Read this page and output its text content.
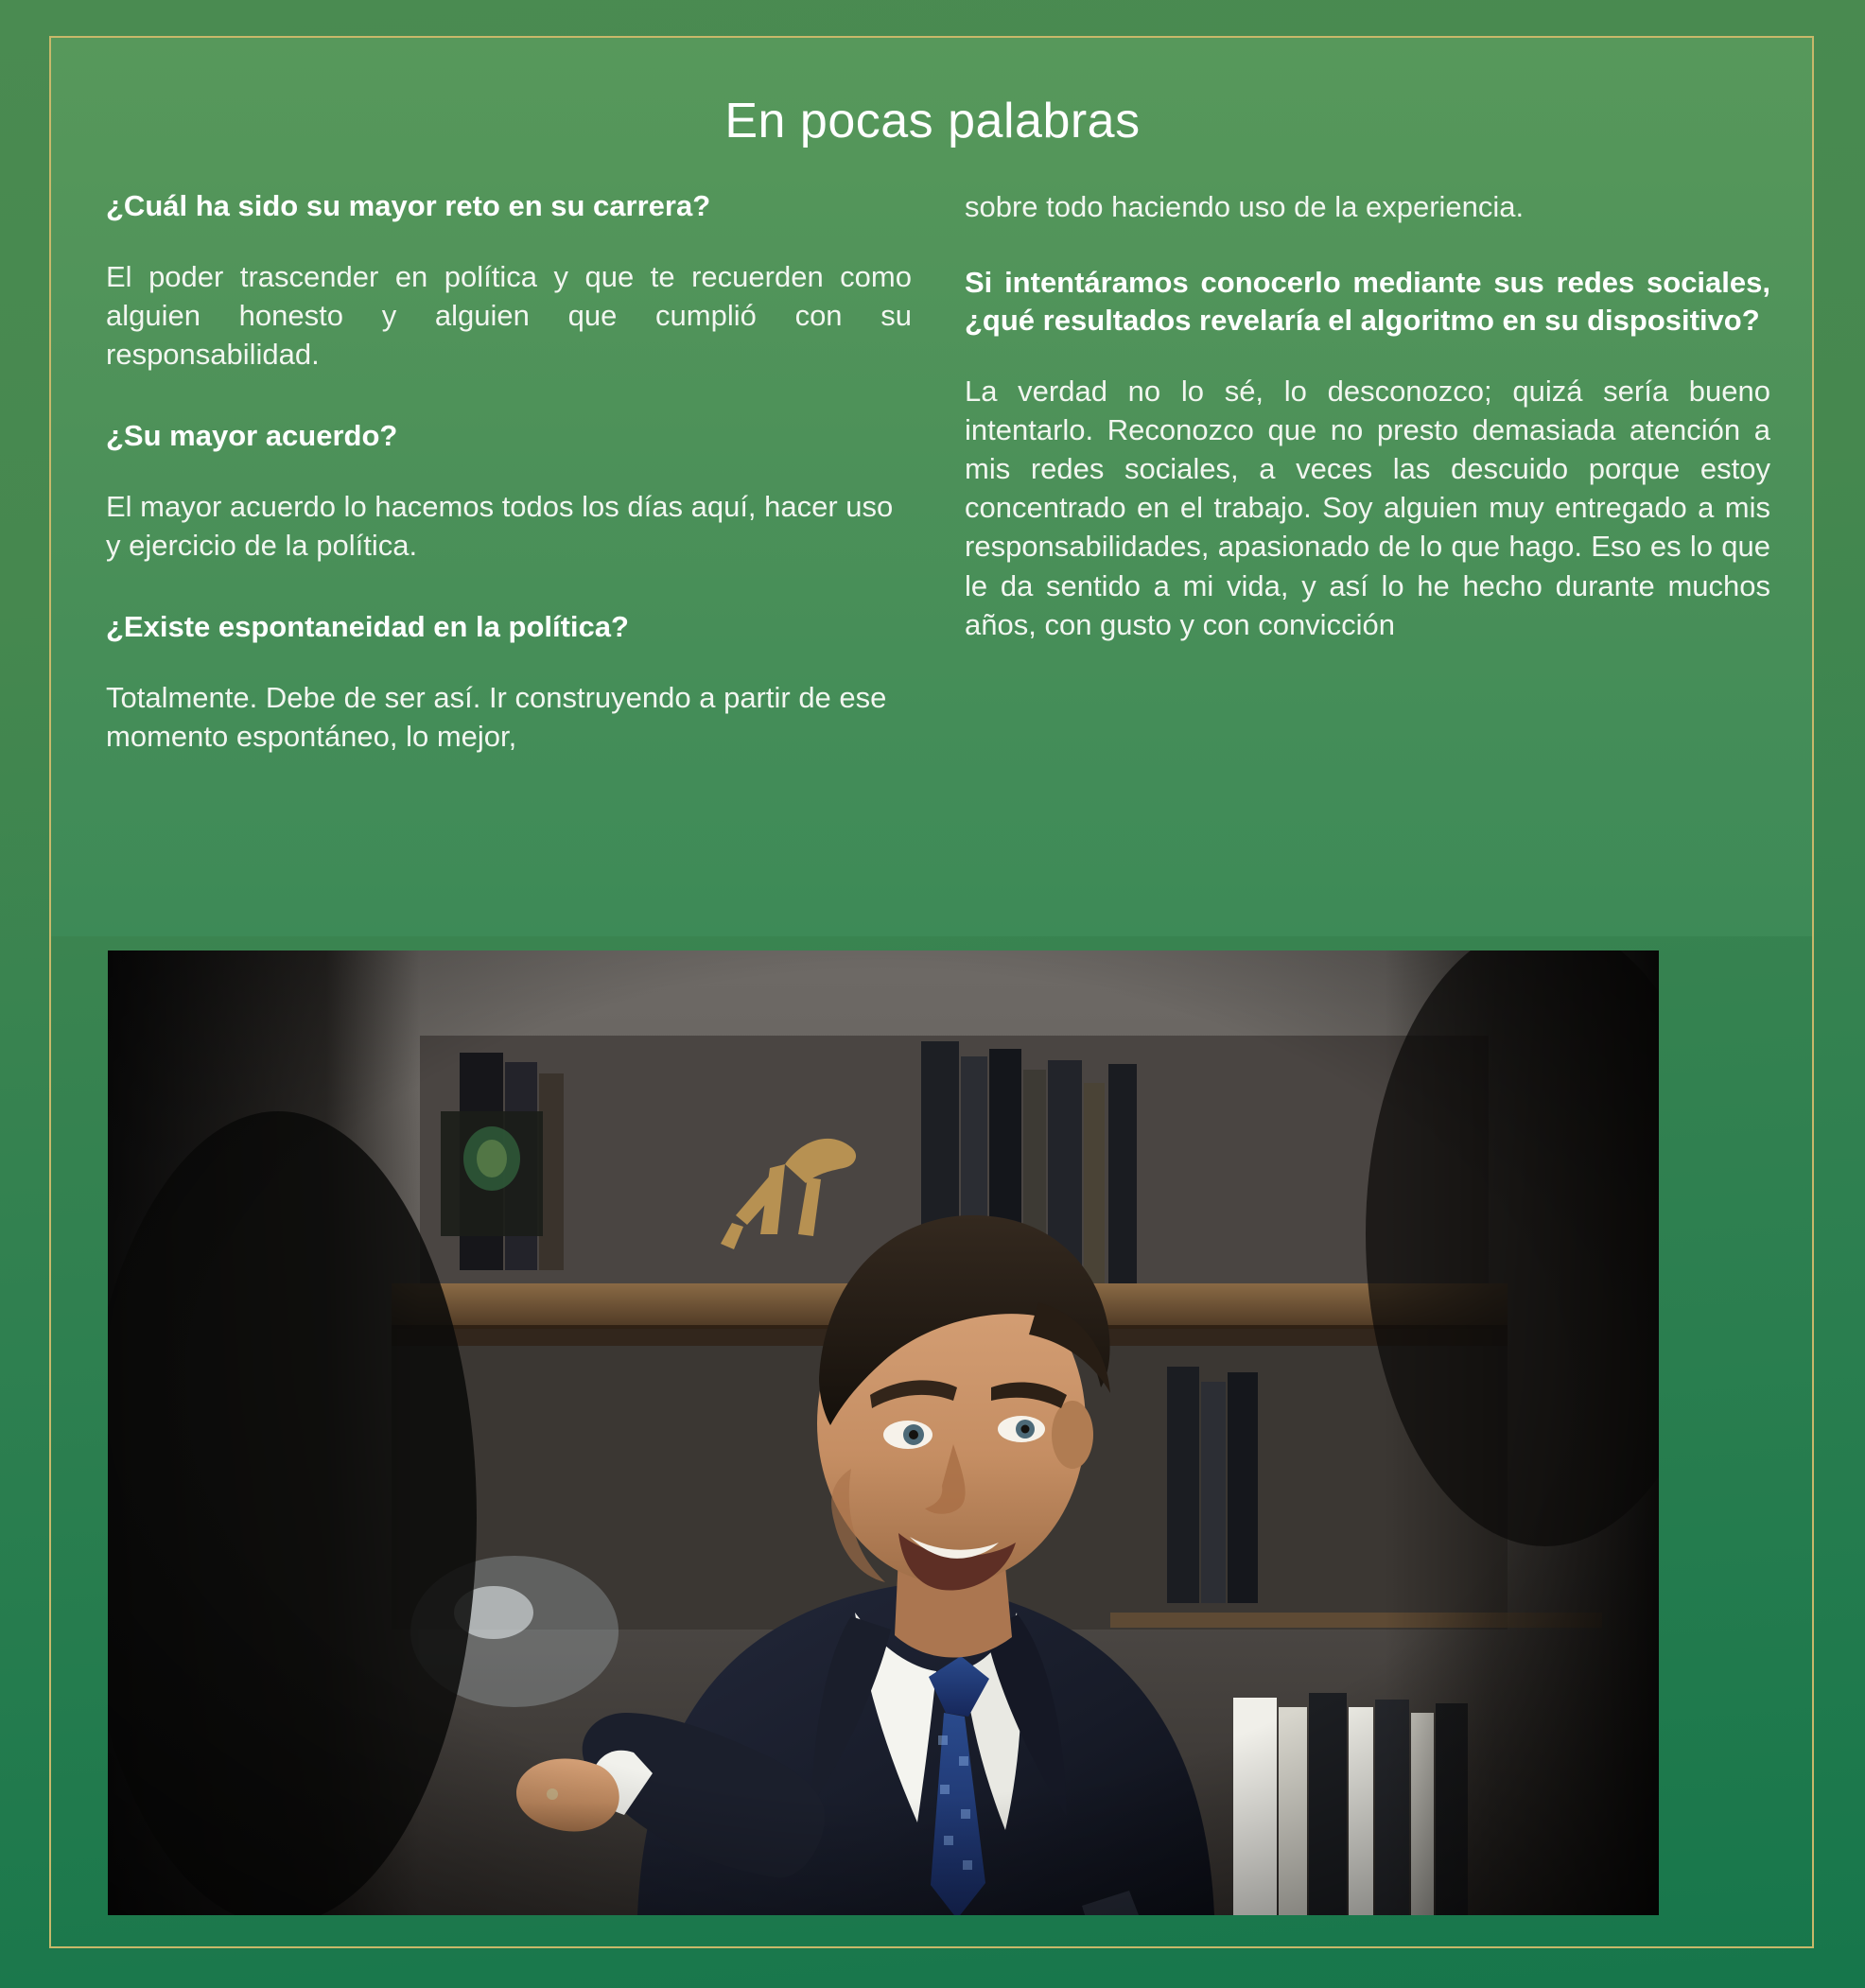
En pocas palabras

¿Cuál ha sido su mayor reto en su carrera?

El poder trascender en política y que te recuerden como alguien honesto y alguien que cumplió con su responsabilidad.

¿Su mayor acuerdo?

El mayor acuerdo lo hacemos todos los días aquí, hacer uso y ejercicio de la política.

¿Existe espontaneidad en la política?

Totalmente. Debe de ser así. Ir construyendo a partir de ese momento espontáneo, lo mejor,

sobre todo haciendo uso de la experiencia.

Si intentáramos conocerlo mediante sus redes sociales, ¿qué resultados revelaría el algoritmo en su dispositivo?

La verdad no lo sé, lo desconozco; quizá sería bueno intentarlo. Reconozco que no presto demasiada atención a mis redes sociales, a veces las descuido porque estoy concentrado en el trabajo. Soy alguien muy entregado a mis responsabilidades, apasionado de lo que hago. Eso es lo que le da sentido a mi vida, y así lo he hecho durante muchos años, con gusto y con convicción
